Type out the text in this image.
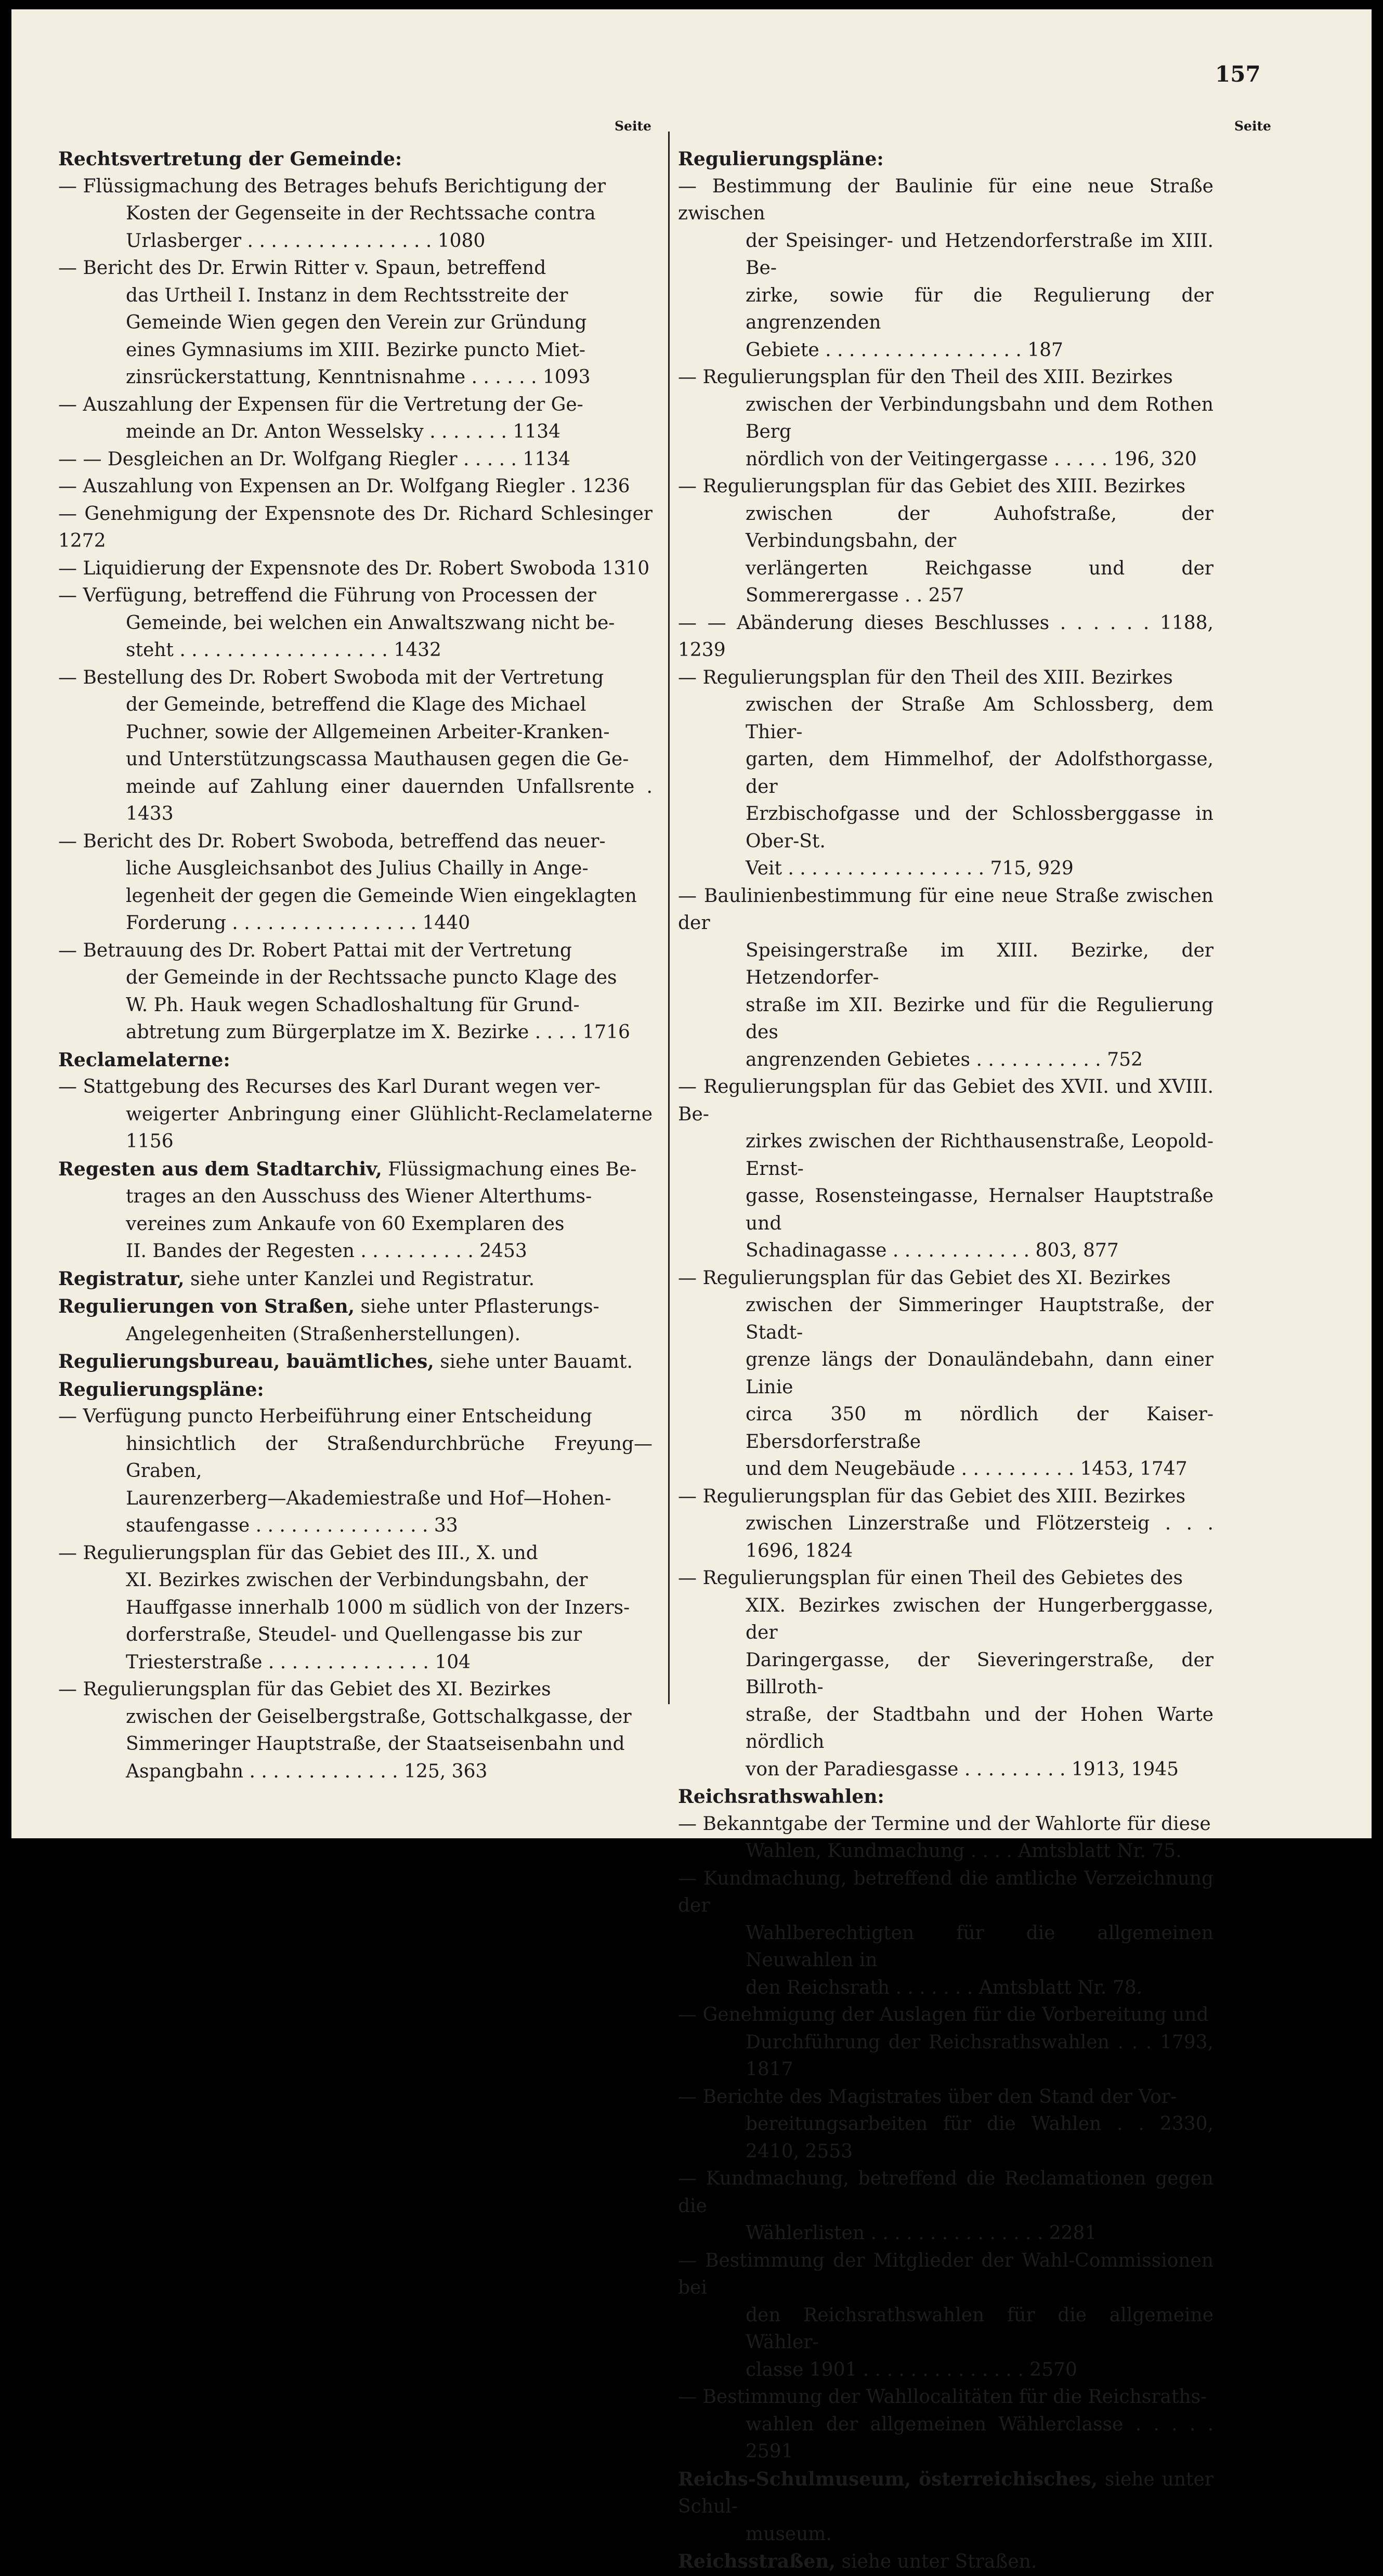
157
Seite	Seite
Rechtsvertretung der Gemeinde:
— Flüssigmachung des Betrages behufs Berichtigung der
Kosten der Gegenseite in der Rechtssache contra
Urlasberger . . . . . . . . . . . . . . . . 1080
— Bericht des Dr. Erwin Ritter v. Spaun, betreffend
das Urtheil I. Instanz in dem Rechtsstreite der
Gemeinde Wien gegen den Verein zur Gründung
eines Gymnasiums im XIII. Bezirke puncto Miet-
zinsrückerstattung, Kenntnisnahme . . . . . . 1093
— Auszahlung der Expensen für die Vertretung der Ge-
meinde an Dr. Anton Wesselsky . . . . . . . 1134
— — Desgleichen an Dr. Wolfgang Riegler . . . . . 1134
— Auszahlung von Expensen an Dr. Wolfgang Riegler . 1236
— Genehmigung der Expensnote des Dr. Richard Schlesinger 1272
— Liquidierung der Expensnote des Dr. Robert Swoboda 1310
— Verfügung, betreffend die Führung von Processen der
Gemeinde, bei welchen ein Anwaltszwang nicht be-
steht . . . . . . . . . . . . . . . . . . 1432
— Bestellung des Dr. Robert Swoboda mit der Vertretung
der Gemeinde, betreffend die Klage des Michael
Puchner, sowie der Allgemeinen Arbeiter-Kranken-
und Unterstützungscassa Mauthausen gegen die Ge-
meinde auf Zahlung einer dauernden Unfallsrente . 1433
— Bericht des Dr. Robert Swoboda, betreffend das neuer-
liche Ausgleichsanbot des Julius Chailly in Ange-
legenheit der gegen die Gemeinde Wien eingeklagten
Forderung . . . . . . . . . . . . . . . . 1440
— Betrauung des Dr. Robert Pattai mit der Vertretung
der Gemeinde in der Rechtssache puncto Klage des
W. Ph. Hauk wegen Schadloshaltung für Grund-
abtretung zum Bürgerplatze im X. Bezirke . . . . 1716
Reclamelaterne:
— Stattgebung des Recurses des Karl Durant wegen ver-
weigerter Anbringung einer Glühlicht-Reclamelaterne 1156
Regesten aus dem Stadtarchiv, Flüssigmachung eines Be-
trages an den Ausschuss des Wiener Alterthums-
vereines zum Ankaufe von 60 Exemplaren des
II. Bandes der Regesten . . . . . . . . . . 2453
Registratur, siehe unter Kanzlei und Registratur.
Regulierungen von Straßen, siehe unter Pflasterungs-
Angelegenheiten (Straßenherstellungen).
Regulierungsbureau, bauämtliches, siehe unter Bauamt.
Regulierungspläne:
— Verfügung puncto Herbeiführung einer Entscheidung
hinsichtlich der Straßendurchbrüche Freyung—Graben,
Laurenzerberg—Akademiestraße und Hof—Hohen-
staufengasse . . . . . . . . . . . . . . . 33
— Regulierungsplan für das Gebiet des III., X. und
XI. Bezirkes zwischen der Verbindungsbahn, der
Hauffgasse innerhalb 1000 m südlich von der Inzers-
dorferstraße, Steudel- und Quellengasse bis zur
Triesterstraße . . . . . . . . . . . . . . 104
— Regulierungsplan für das Gebiet des XI. Bezirkes
zwischen der Geiselbergstraße, Gottschalkgasse, der
Simmeringer Hauptstraße, der Staatseisenbahn und
Aspangbahn . . . . . . . . . . . . . 125, 363
Regulierungspläne:
— Bestimmung der Baulinie für eine neue Straße zwischen
der Speisinger- und Hetzendorferstraße im XIII. Be-
zirke, sowie für die Regulierung der angrenzenden
Gebiete . . . . . . . . . . . . . . . . . 187
— Regulierungsplan für den Theil des XIII. Bezirkes
zwischen der Verbindungsbahn und dem Rothen Berg
nördlich von der Veitingergasse . . . . . 196, 320
— Regulierungsplan für das Gebiet des XIII. Bezirkes
zwischen der Auhofstraße, der Verbindungsbahn, der
verlängerten Reichgasse und der Sommerergasse . . 257
— — Abänderung dieses Beschlusses . . . . . . 1188, 1239
— Regulierungsplan für den Theil des XIII. Bezirkes
zwischen der Straße Am Schlossberg, dem Thier-
garten, dem Himmelhof, der Adolfsthorgasse, der
Erzbischofgasse und der Schlossberggasse in Ober-St.
Veit . . . . . . . . . . . . . . . . . 715, 929
— Baulinienbestimmung für eine neue Straße zwischen der
Speisingerstraße im XIII. Bezirke, der Hetzendorfer-
straße im XII. Bezirke und für die Regulierung des
angrenzenden Gebietes . . . . . . . . . . . 752
— Regulierungsplan für das Gebiet des XVII. und XVIII. Be-
zirkes zwischen der Richthausenstraße, Leopold-Ernst-
gasse, Rosensteingasse, Hernalser Hauptstraße und
Schadinagasse . . . . . . . . . . . . 803, 877
— Regulierungsplan für das Gebiet des XI. Bezirkes
zwischen der Simmeringer Hauptstraße, der Stadt-
grenze längs der Donauländebahn, dann einer Linie
circa 350 m nördlich der Kaiser-Ebersdorferstraße
und dem Neugebäude . . . . . . . . . . 1453, 1747
— Regulierungsplan für das Gebiet des XIII. Bezirkes
zwischen Linzerstraße und Flötzersteig . . . 1696, 1824
— Regulierungsplan für einen Theil des Gebietes des
XIX. Bezirkes zwischen der Hungerberggasse, der
Daringergasse, der Sieveringerstraße, der Billroth-
straße, der Stadtbahn und der Hohen Warte nördlich
von der Paradiesgasse . . . . . . . . . 1913, 1945
Reichsrathswahlen:
— Bekanntgabe der Termine und der Wahlorte für diese
Wahlen, Kundmachung . . . . Amtsblatt Nr. 75.
— Kundmachung, betreffend die amtliche Verzeichnung der
Wahlberechtigten für die allgemeinen Neuwahlen in
den Reichsrath . . . . . . . Amtsblatt Nr. 78.
— Genehmigung der Auslagen für die Vorbereitung und
Durchführung der Reichsrathswahlen . . . 1793, 1817
— Berichte des Magistrates über den Stand der Vor-
bereitungsarbeiten für die Wahlen . . 2330, 2410, 2553
— Kundmachung, betreffend die Reclamationen gegen die
Wählerlisten . . . . . . . . . . . . . . . 2281
— Bestimmung der Mitglieder der Wahl-Commissionen bei
den Reichsrathswahlen für die allgemeine Wähler-
classe 1901 . . . . . . . . . . . . . . 2570
— Bestimmung der Wahllocalitäten für die Reichsraths-
wahlen der allgemeinen Wählerclasse . . . . . 2591
Reichs-Schulmuseum, österreichisches, siehe unter Schul-
museum.
Reichsstraßen, siehe unter Straßen.
